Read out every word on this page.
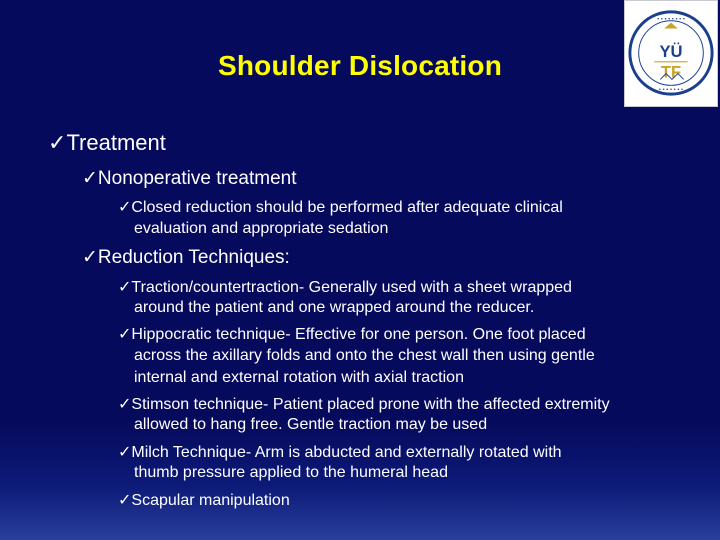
Shoulder Dislocation
• • • • • • • •
• • • • • • •
YÜ
TF
✓Treatment
✓Nonoperative treatment
✓Closed reduction should be performed after adequate clinical
evaluation and appropriate sedation
✓Reduction Techniques:
✓Traction/countertraction- Generally used with a sheet wrapped
around the patient and one wrapped around the reducer.
✓Hippocratic technique- Effective for one person. One foot placed
across the axillary folds and onto the chest wall then using gentle
internal and external rotation with axial traction
✓Stimson technique- Patient placed prone with the affected extremity
allowed to hang free. Gentle traction may be used
✓Milch Technique- Arm is abducted and externally rotated with
thumb pressure applied to the humeral head
✓Scapular manipulation
